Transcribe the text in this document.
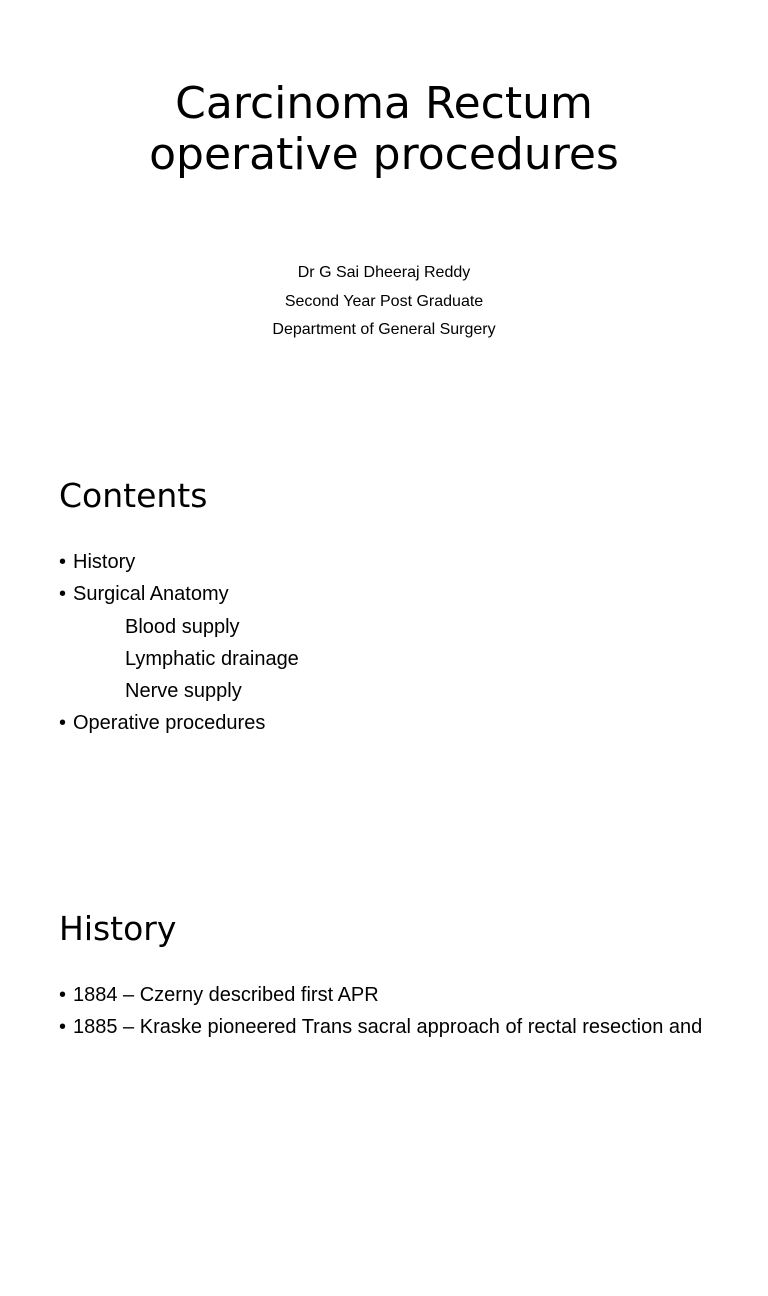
Carcinoma Rectum
operative procedures
Dr G Sai Dheeraj Reddy
Second Year Post Graduate
Department of General Surgery
Contents
• History
• Surgical Anatomy
Blood supply
Lymphatic drainage
Nerve supply
• Operative procedures
History
• 1884 – Czerny described first APR
• 1885 – Kraske pioneered Trans sacral approach of rectal resection and
